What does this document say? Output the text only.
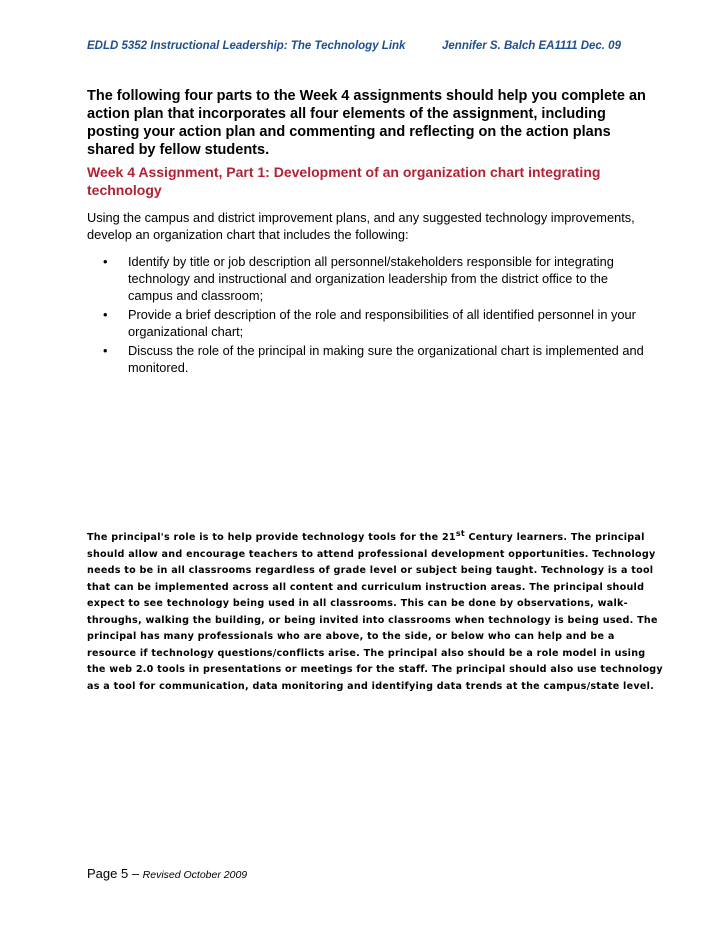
EDLD 5352 Instructional Leadership: The Technology Link	Jennifer S. Balch EA1111 Dec. 09
The following four parts to the Week 4 assignments should help you complete an action plan that incorporates all four elements of the assignment, including posting your action plan and commenting and reflecting on the action plans shared by fellow students.
Week 4 Assignment, Part 1: Development of an organization chart integrating technology
Using the campus and district improvement plans, and any suggested technology improvements, develop an organization chart that includes the following:
• Identify by title or job description all personnel/stakeholders responsible for integrating technology and instructional and organization leadership from the district office to the campus and classroom;
• Provide a brief description of the role and responsibilities of all identified personnel in your organizational chart;
• Discuss the role of the principal in making sure the organizational chart is implemented and monitored.
The principal's role is to help provide technology tools for the 21st Century learners. The principal should allow and encourage teachers to attend professional development opportunities. Technology needs to be in all classrooms regardless of grade level or subject being taught. Technology is a tool that can be implemented across all content and curriculum instruction areas. The principal should expect to see technology being used in all classrooms. This can be done by observations, walk-throughs, walking the building, or being invited into classrooms when technology is being used. The principal has many professionals who are above, to the side, or below who can help and be a resource if technology questions/conflicts arise. The principal also should be a role model in using the web 2.0 tools in presentations or meetings for the staff. The principal should also use technology as a tool for communication, data monitoring and identifying data trends at the campus/state level.
Page 5 – Revised October 2009
